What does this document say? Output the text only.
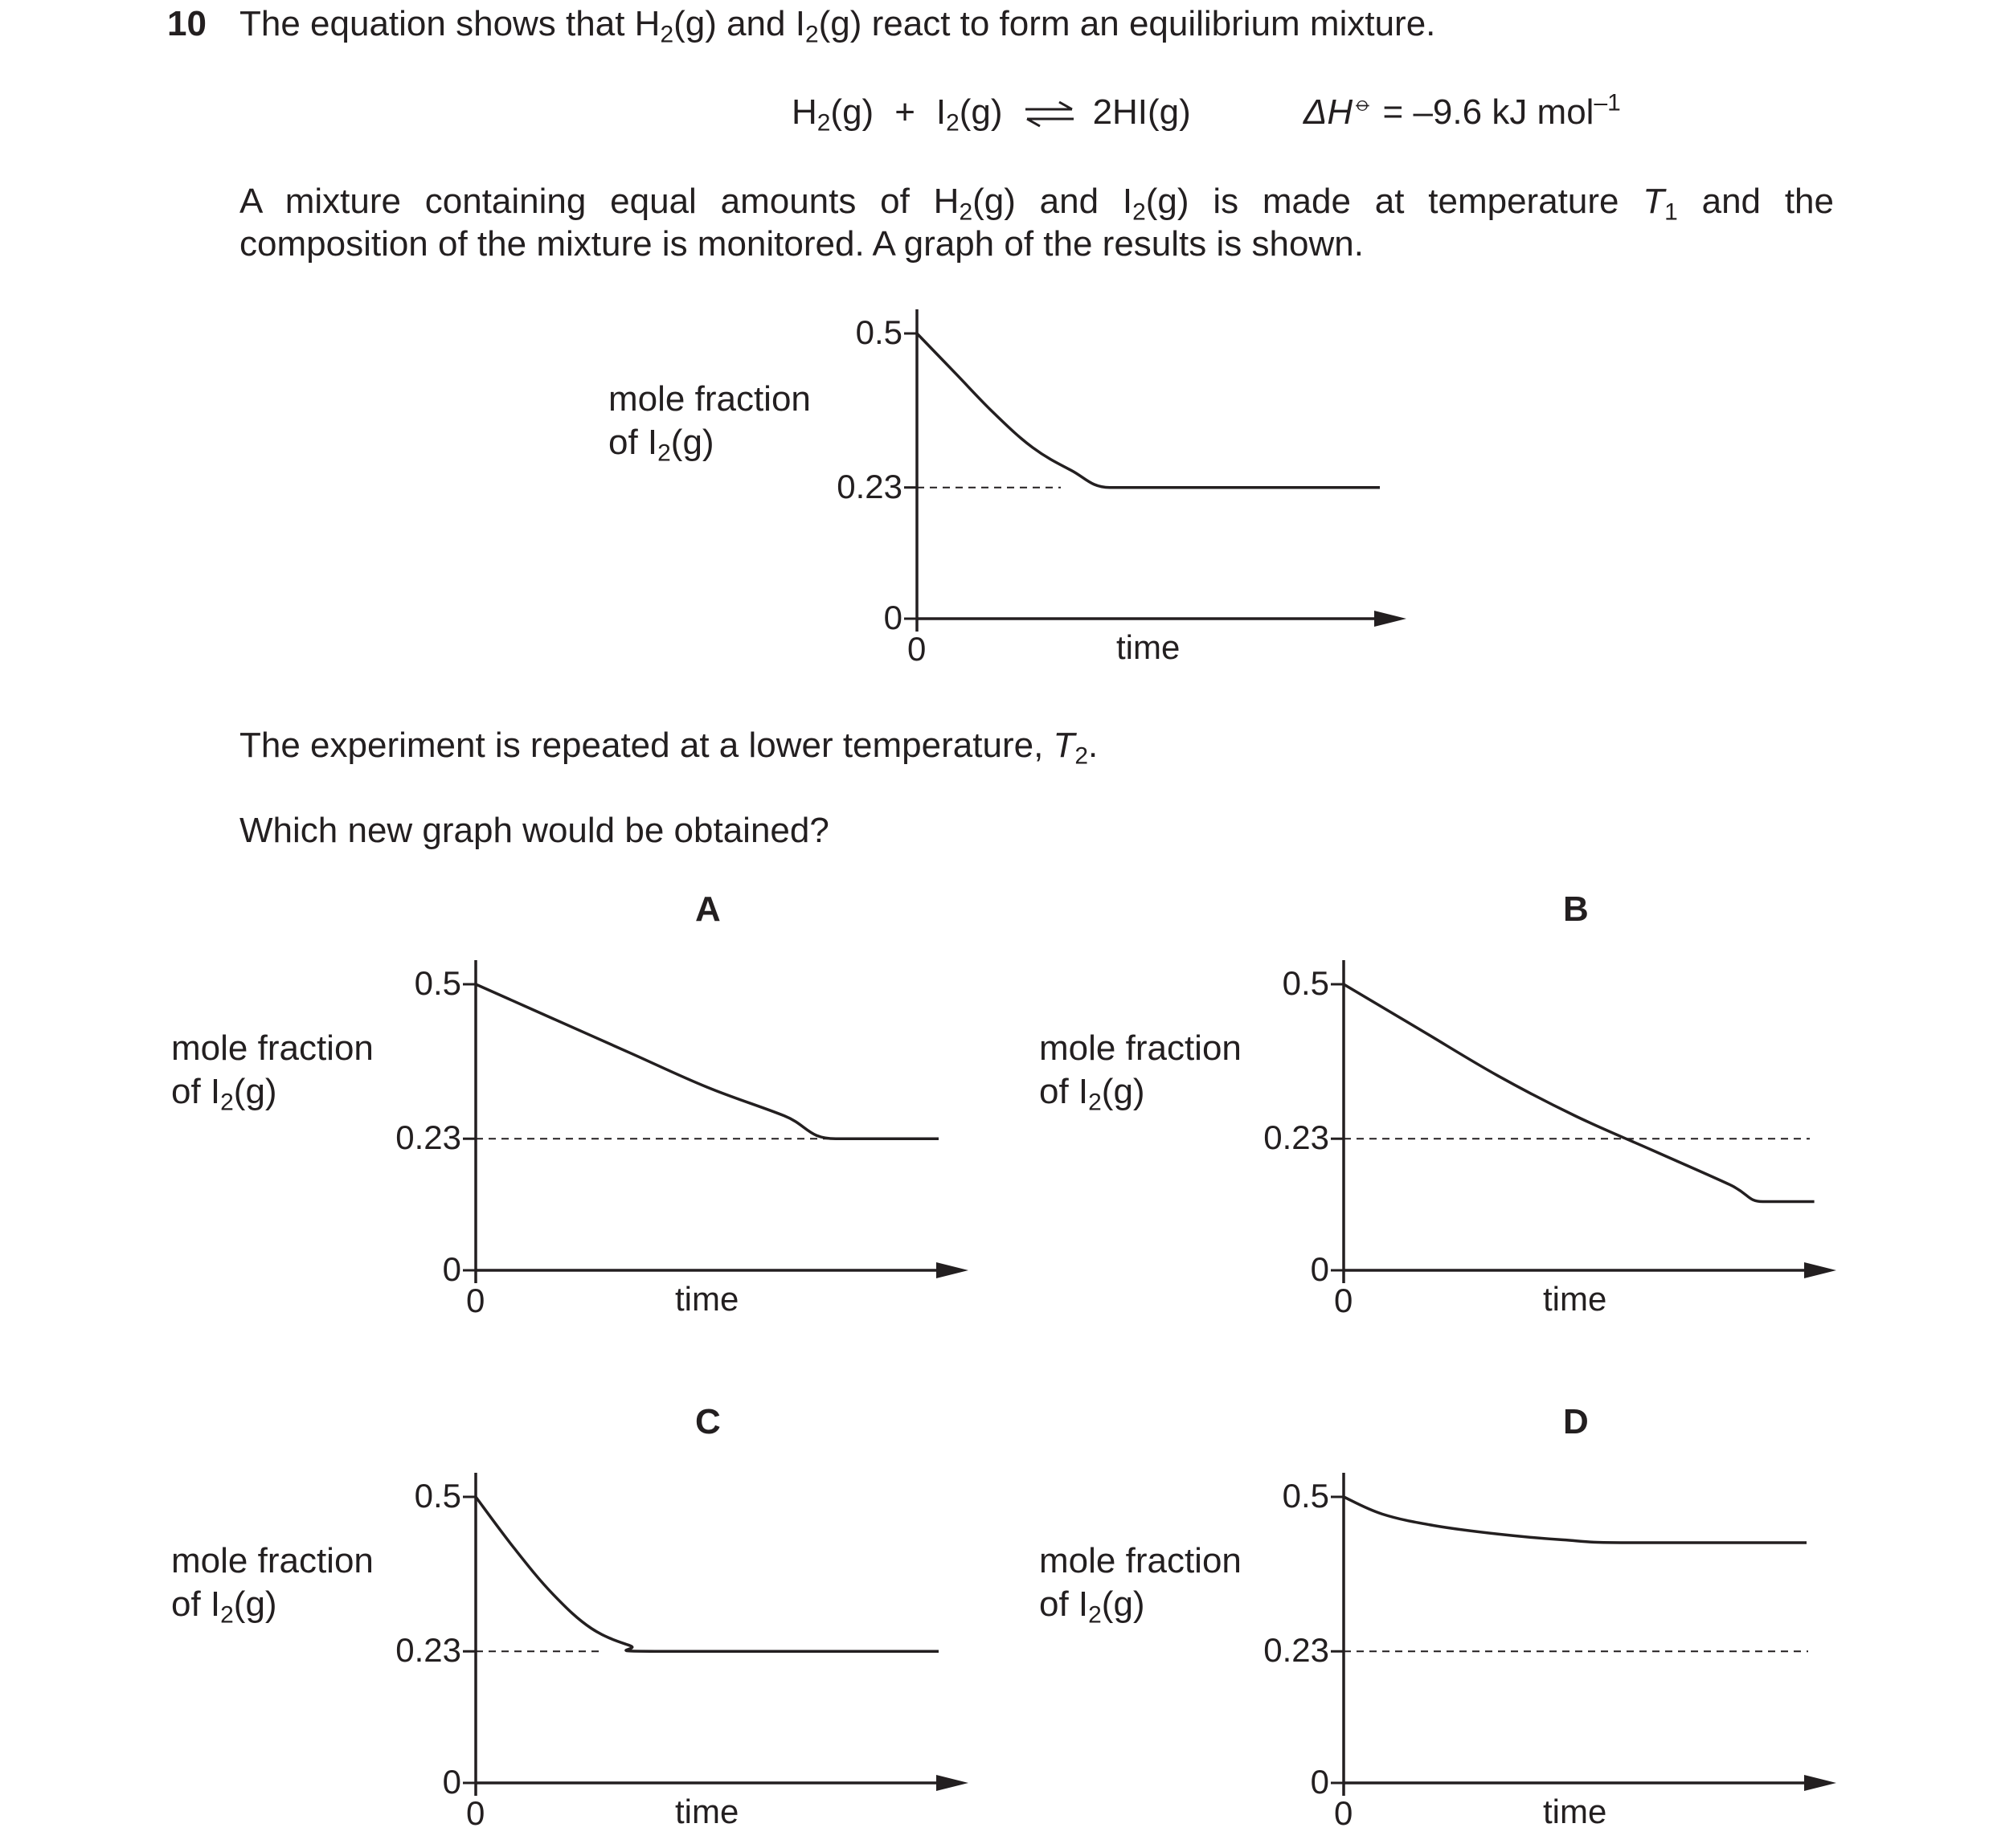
10 The equation shows that $H_2(g)$ and $I_2(g)$ react to form an equilibrium mixture.
$H_2(g) + I_2(g)$ ⇌ 2HI(g)	ΔH⦵ = –9.6 kJ mol$^{-1}$
A mixture containing equal amounts of $H_2(g)$ and $I_2(g)$ is made at temperature $T_1$ and the
composition of the mixture is monitored. A graph of the results is shown.
0.5
0.23
0
0	time
mole fraction
of $I_2(g)$
The experiment is repeated at a lower temperature, $T_2$.
Which new graph would be obtained?
0.5
0.23
0
0	time
mole fraction
of $I_2(g)$
A
0.5
0.23
0
0	time
mole fraction
of $I_2(g)$
B
0.5
0.23
0
0	time
mole fraction
of $I_2(g)$
C
0.5
0.23
0
0	time
mole fraction
of $I_2(g)$
D
